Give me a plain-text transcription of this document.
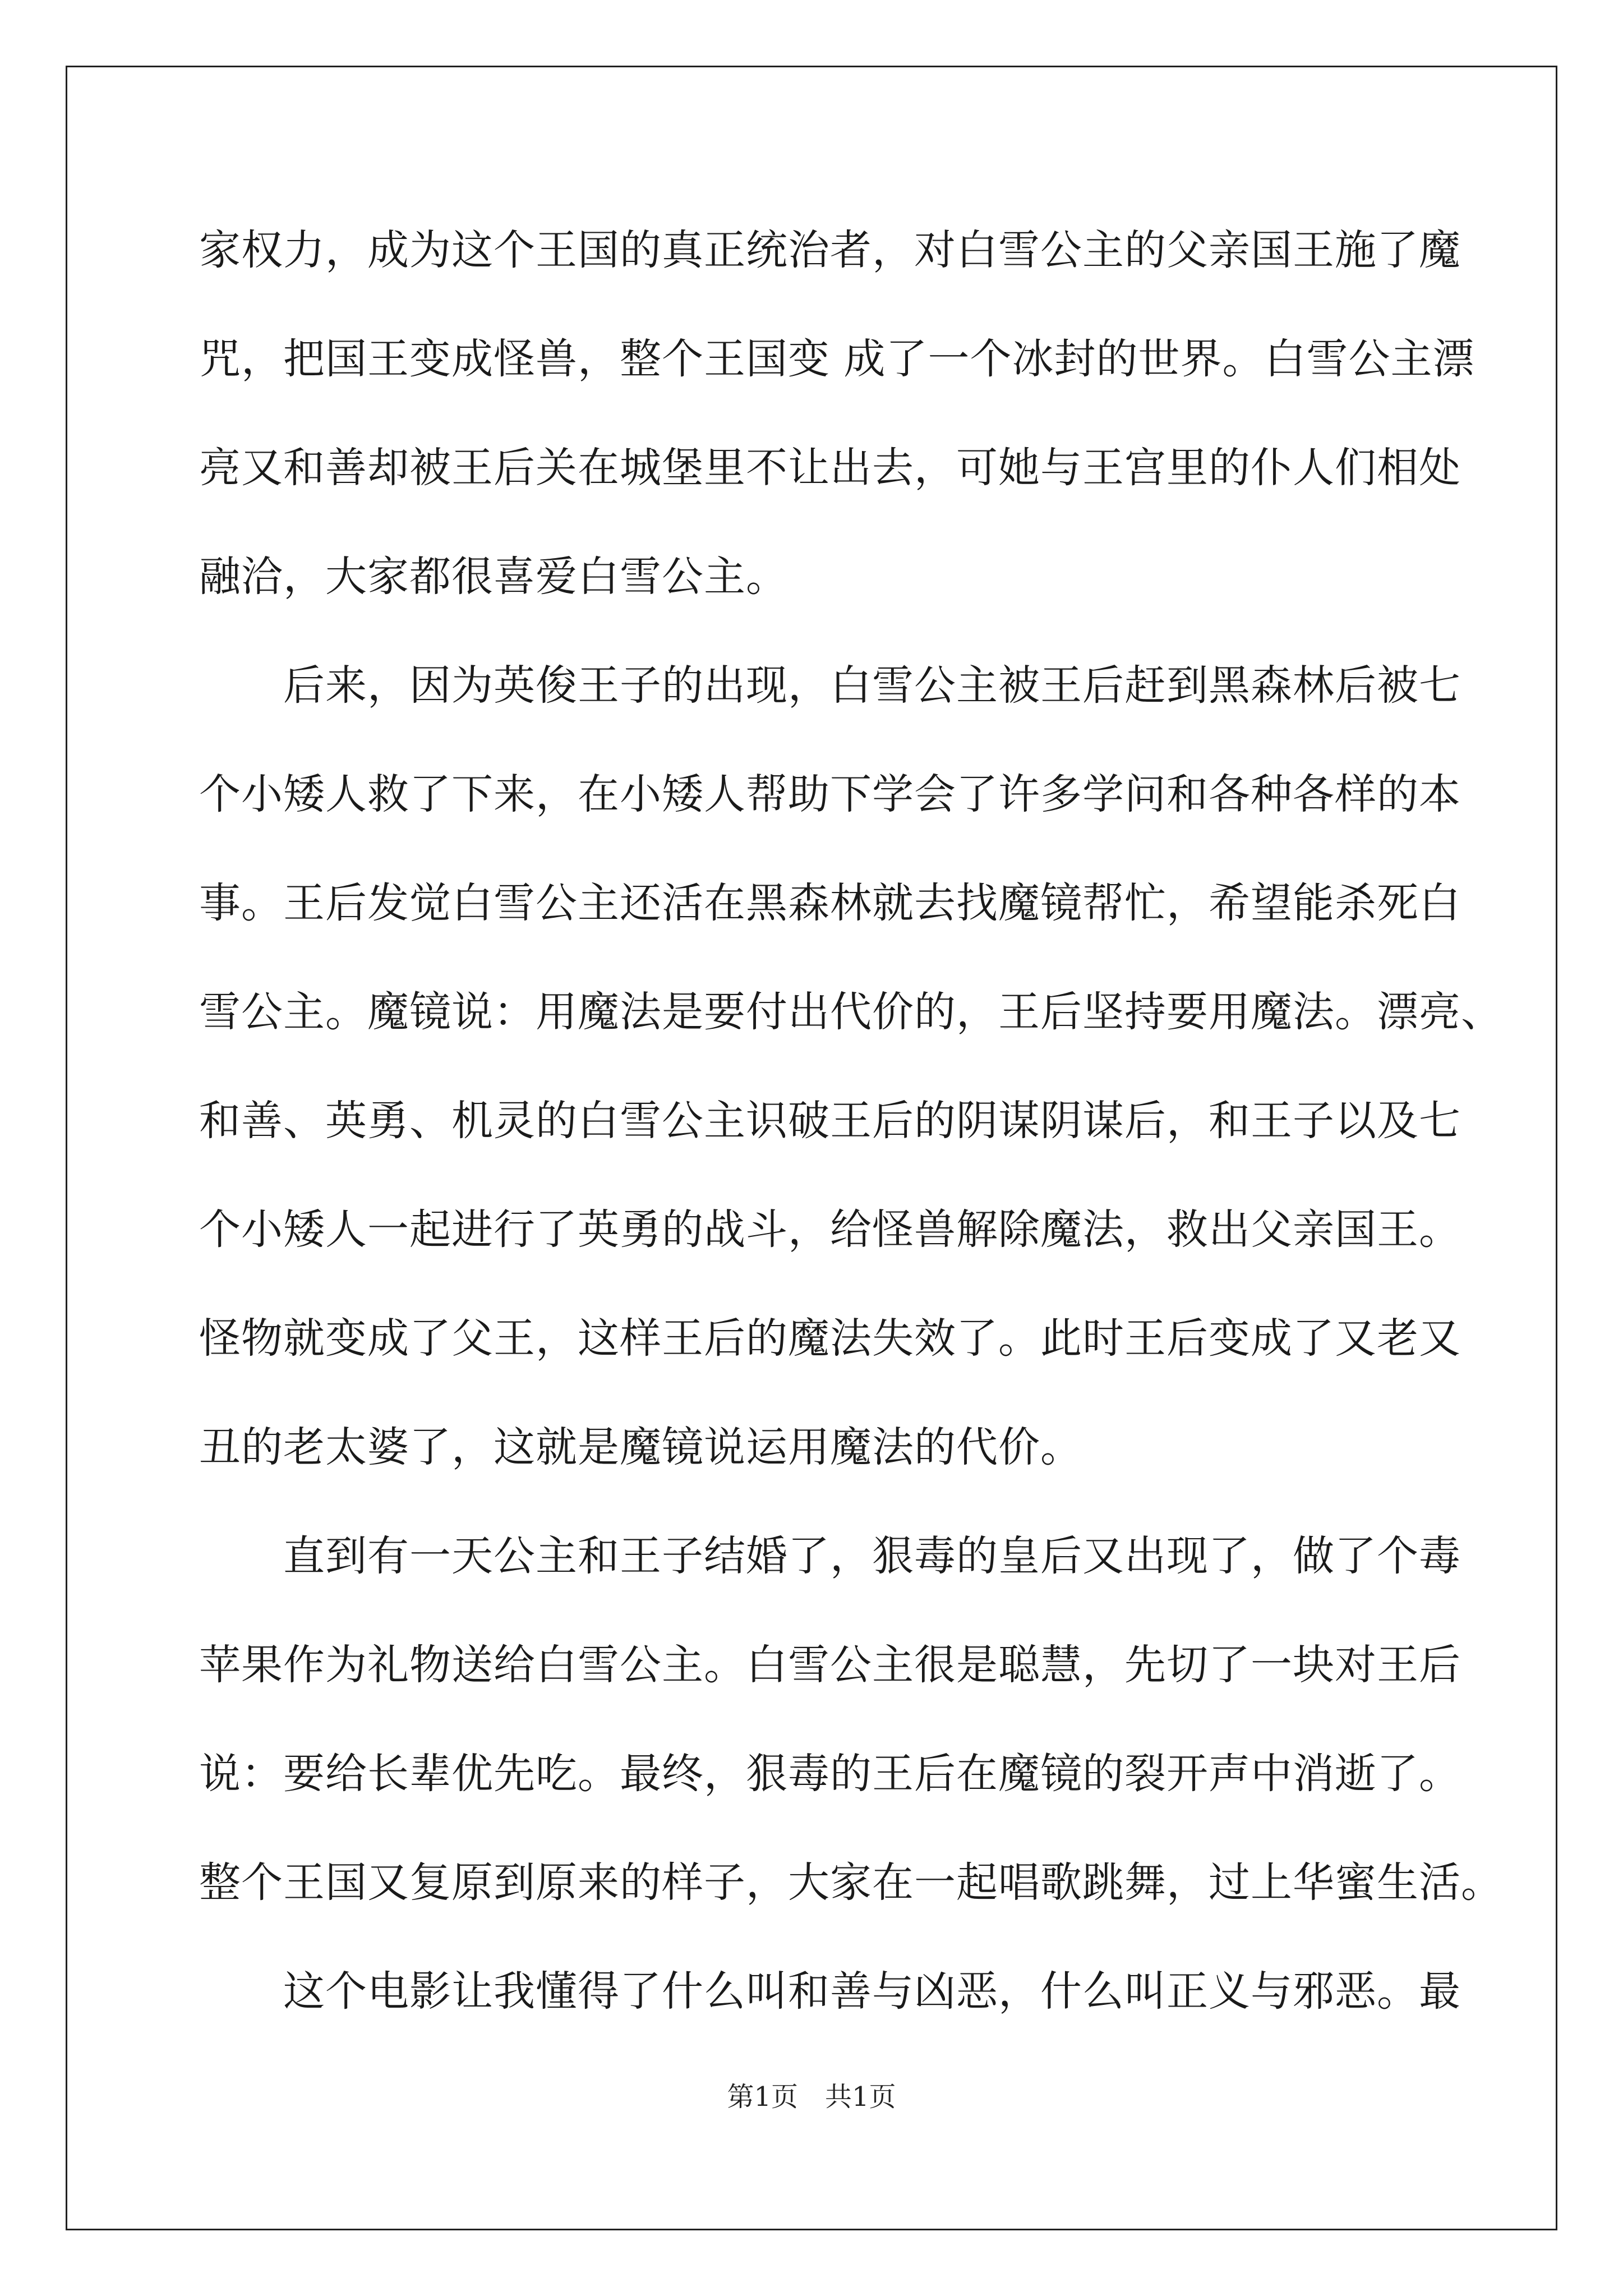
家权力，成为这个王国的真正统治者，对白雪公主的父亲国王施了魔
咒，把国王变成怪兽，整个王国变 成了一个冰封的世界。白雪公主漂
亮又和善却被王后关在城堡里不让出去，可她与王宫里的仆人们相处
融洽，大家都很喜爱白雪公主。
　　后来，因为英俊王子的出现，白雪公主被王后赶到黑森林后被七
个小矮人救了下来，在小矮人帮助下学会了许多学问和各种各样的本
事。王后发觉白雪公主还活在黑森林就去找魔镜帮忙，希望能杀死白
雪公主。魔镜说：用魔法是要付出代价的，王后坚持要用魔法。漂亮、
和善、英勇、机灵的白雪公主识破王后的阴谋阴谋后，和王子以及七
个小矮人一起进行了英勇的战斗，给怪兽解除魔法，救出父亲国王。
怪物就变成了父王，这样王后的魔法失效了。此时王后变成了又老又
丑的老太婆了，这就是魔镜说运用魔法的代价。
　　直到有一天公主和王子结婚了，狠毒的皇后又出现了，做了个毒
苹果作为礼物送给白雪公主。白雪公主很是聪慧，先切了一块对王后
说：要给长辈优先吃。最终，狠毒的王后在魔镜的裂开声中消逝了。
整个王国又复原到原来的样子，大家在一起唱歌跳舞，过上华蜜生活。
　　这个电影让我懂得了什么叫和善与凶恶，什么叫正义与邪恶。最
第1页　共1页
